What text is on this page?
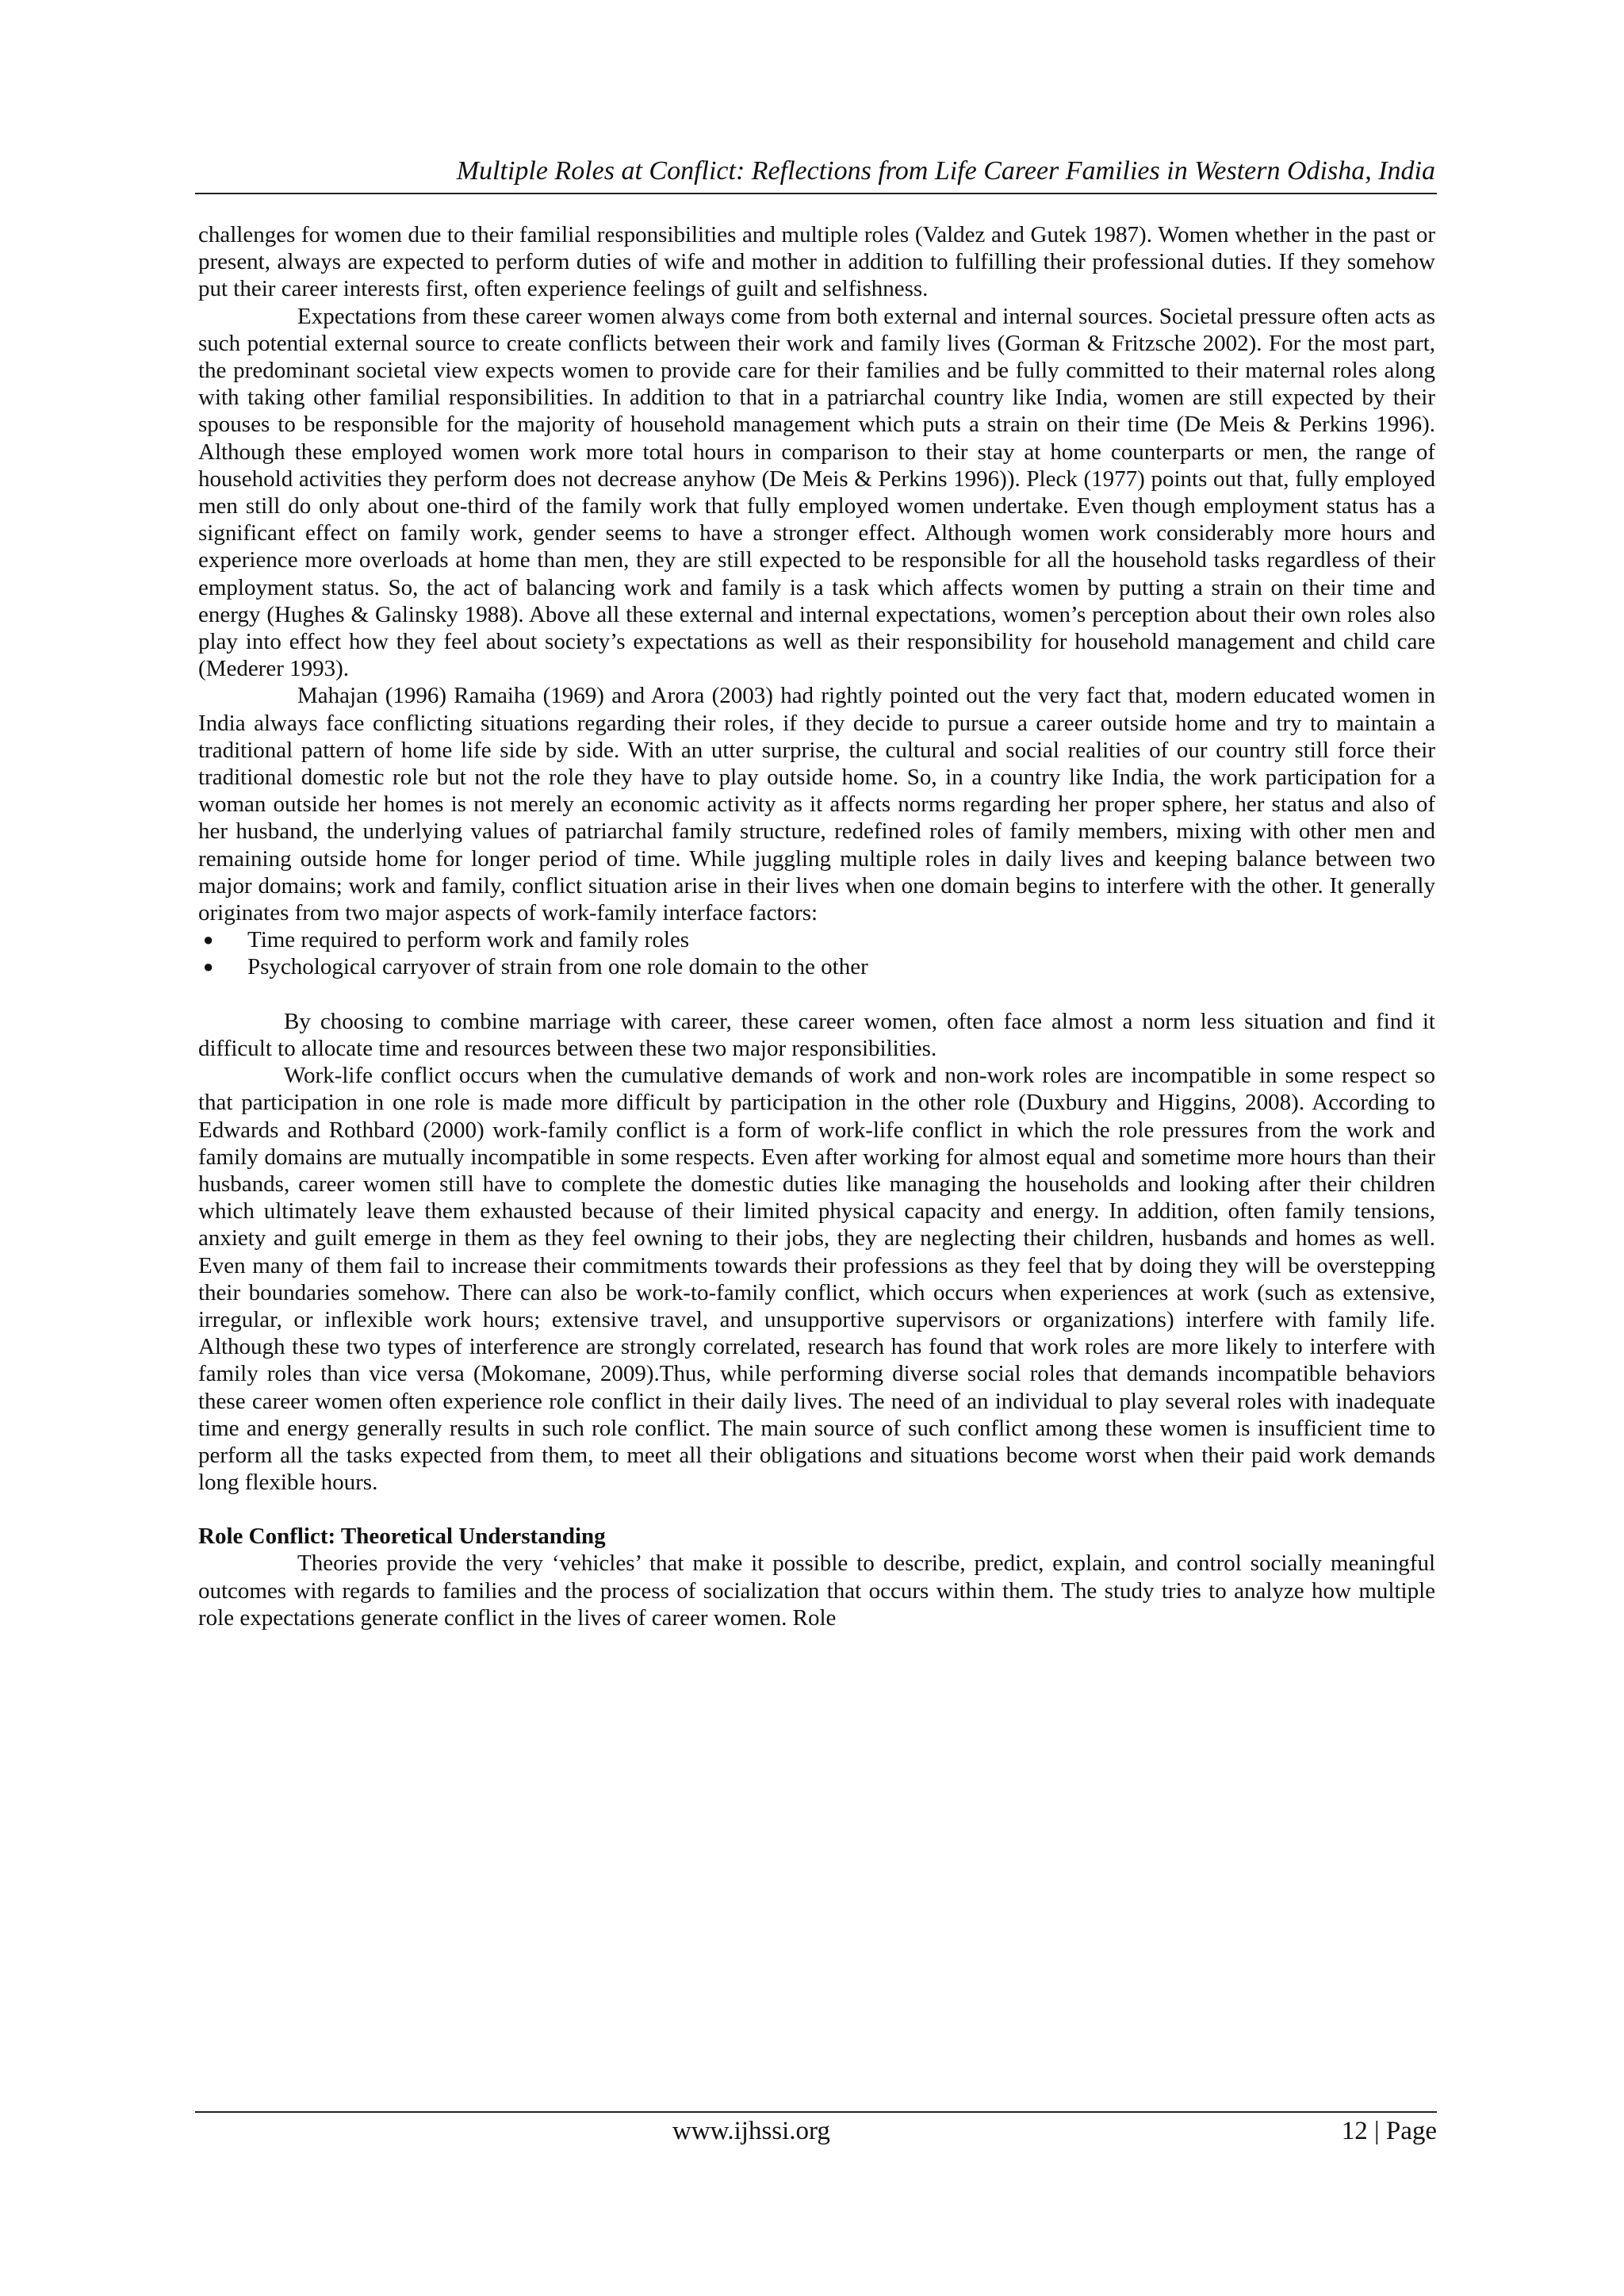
Multiple Roles at Conflict: Reflections from Life Career Families in Western Odisha, India

challenges for women due to their familial responsibilities and multiple roles (Valdez and Gutek 1987). Women whether in the past or present, always are expected to perform duties of wife and mother in addition to fulfilling their professional duties. If they somehow put their career interests first, often experience feelings of guilt and selfishness.

Expectations from these career women always come from both external and internal sources. Societal pressure often acts as such potential external source to create conflicts between their work and family lives (Gorman & Fritzsche 2002). For the most part, the predominant societal view expects women to provide care for their families and be fully committed to their maternal roles along with taking other familial responsibilities. In addition to that in a patriarchal country like India, women are still expected by their spouses to be responsible for the majority of household management which puts a strain on their time (De Meis & Perkins 1996). Although these employed women work more total hours in comparison to their stay at home counterparts or men, the range of household activities they perform does not decrease anyhow (De Meis & Perkins 1996)). Pleck (1977) points out that, fully employed men still do only about one-third of the family work that fully employed women undertake. Even though employment status has a significant effect on family work, gender seems to have a stronger effect. Although women work considerably more hours and experience more overloads at home than men, they are still expected to be responsible for all the household tasks regardless of their employment status. So, the act of balancing work and family is a task which affects women by putting a strain on their time and energy (Hughes & Galinsky 1988). Above all these external and internal expectations, women’s perception about their own roles also play into effect how they feel about society’s expectations as well as their responsibility for household management and child care (Mederer 1993).

Mahajan (1996) Ramaiha (1969) and Arora (2003) had rightly pointed out the very fact that, modern educated women in India always face conflicting situations regarding their roles, if they decide to pursue a career outside home and try to maintain a traditional pattern of home life side by side. With an utter surprise, the cultural and social realities of our country still force their traditional domestic role but not the role they have to play outside home. So, in a country like India, the work participation for a woman outside her homes is not merely an economic activity as it affects norms regarding her proper sphere, her status and also of her husband, the underlying values of patriarchal family structure, redefined roles of family members, mixing with other men and remaining outside home for longer period of time. While juggling multiple roles in daily lives and keeping balance between two major domains; work and family, conflict situation arise in their lives when one domain begins to interfere with the other. It generally originates from two major aspects of work-family interface factors:

● Time required to perform work and family roles
● Psychological carryover of strain from one role domain to the other

By choosing to combine marriage with career, these career women, often face almost a norm less situation and find it difficult to allocate time and resources between these two major responsibilities.

Work-life conflict occurs when the cumulative demands of work and non-work roles are incompatible in some respect so that participation in one role is made more difficult by participation in the other role (Duxbury and Higgins, 2008). According to Edwards and Rothbard (2000) work-family conflict is a form of work-life conflict in which the role pressures from the work and family domains are mutually incompatible in some respects. Even after working for almost equal and sometime more hours than their husbands, career women still have to complete the domestic duties like managing the households and looking after their children which ultimately leave them exhausted because of their limited physical capacity and energy. In addition, often family tensions, anxiety and guilt emerge in them as they feel owning to their jobs, they are neglecting their children, husbands and homes as well. Even many of them fail to increase their commitments towards their professions as they feel that by doing they will be overstepping their boundaries somehow. There can also be work-to-family conflict, which occurs when experiences at work (such as extensive, irregular, or inflexible work hours; extensive travel, and unsupportive supervisors or organizations) interfere with family life. Although these two types of interference are strongly correlated, research has found that work roles are more likely to interfere with family roles than vice versa (Mokomane, 2009).Thus, while performing diverse social roles that demands incompatible behaviors these career women often experience role conflict in their daily lives. The need of an individual to play several roles with inadequate time and energy generally results in such role conflict. The main source of such conflict among these women is insufficient time to perform all the tasks expected from them, to meet all their obligations and situations become worst when their paid work demands long flexible hours.

Role Conflict: Theoretical Understanding

Theories provide the very ‘vehicles’ that make it possible to describe, predict, explain, and control socially meaningful outcomes with regards to families and the process of socialization that occurs within them. The study tries to analyze how multiple role expectations generate conflict in the lives of career women. Role

www.ijhssi.org	12 | Page
